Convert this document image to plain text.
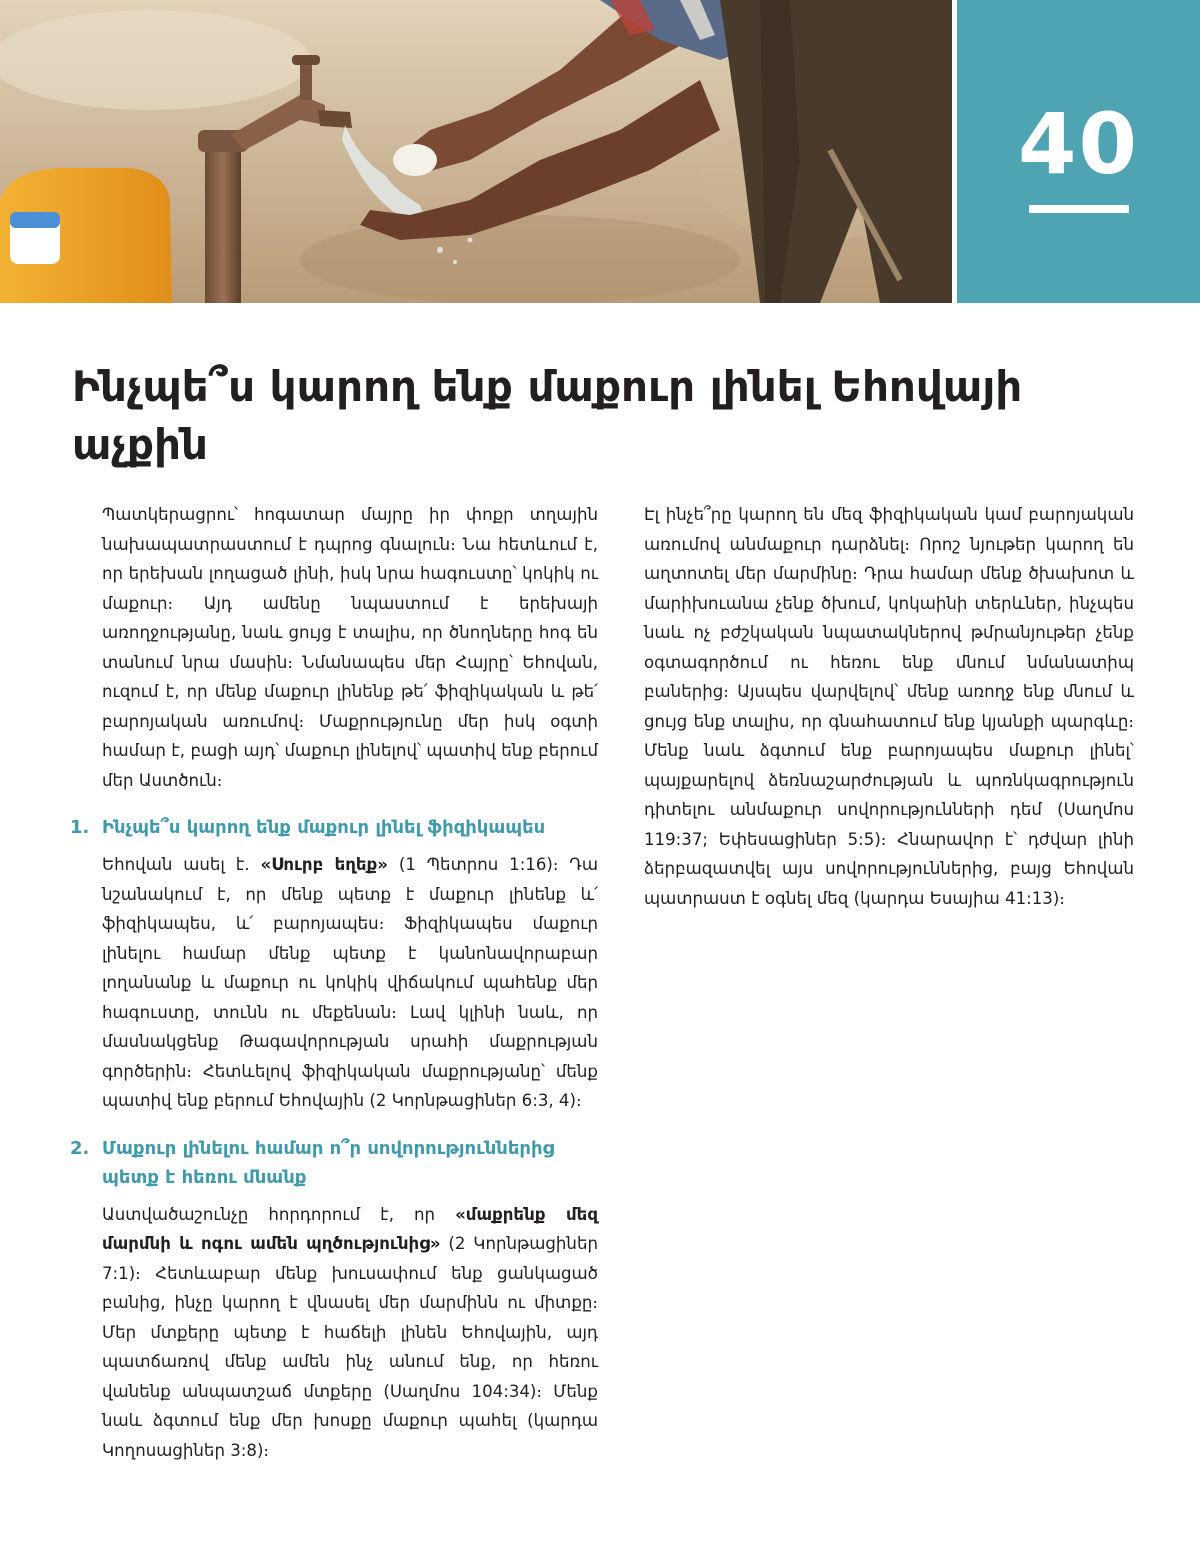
40
Ինչպե՞ս կարող ենք մաքուր լինել Եհովայի աչքին

Պատկերացրու՝ հոգատար մայրը իր փոքր տղային նախապատրաստում է դպրոց գնալուն։ Նա հետևում է, որ երեխան լողացած լինի, իսկ նրա հագուստը՝ կոկիկ ու մաքուր։ Այդ ամենը նպաստում է երեխայի առողջությանը, նաև ցույց է տալիս, որ ծնողները հոգ են տանում նրա մասին։ Նմանապես մեր Հայրը՝ Եհովան, ուզում է, որ մենք մաքուր լինենք թե՛ ֆիզիկական և թե՛ բարոյական առումով։ Մաքրությունը մեր իսկ օգտի համար է, բացի այդ՝ մաքուր լինելով՝ պատիվ ենք բերում մեր Աստծուն։

1. Ինչպե՞ս կարող ենք մաքուր լինել ֆիզիկապես

Եհովան ասել է. «Սուրբ եղեք» (1 Պետրոս 1:16)։ Դա նշանակում է, որ մենք պետք է մաքուր լինենք և՛ ֆիզիկապես, և՛ բարոյապես։ Ֆիզիկապես մաքուր լինելու համար մենք պետք է կանոնավորաբար լողանանք և մաքուր ու կոկիկ վիճակում պահենք մեր հագուստը, տունն ու մեքենան։ Լավ կլինի նաև, որ մասնակցենք Թագավորության սրահի մաքրության գործերին։ Հետևելով ֆիզիկական մաքրությանը՝ մենք պատիվ ենք բերում Եհովային (2 Կորնթացիներ 6:3, 4)։

2. Մաքուր լինելու համար ո՞ր սովորություններից պետք է հեռու մնանք

Աստվածաշունչը հորդորում է, որ «մաքրենք մեզ մարմնի և ոգու ամեն պղծությունից» (2 Կորնթացիներ 7:1)։ Հետևաբար մենք խուսափում ենք ցանկացած բանից, ինչը կարող է վնասել մեր մարմինն ու միտքը։ Մեր մտքերը պետք է հաճելի լինեն Եհովային, այդ պատճառով մենք ամեն ինչ անում ենք, որ հեռու վանենք անպատշաճ մտքերը (Սաղմոս 104:34)։ Մենք նաև ձգտում ենք մեր խոսքը մաքուր պահել (կարդա Կողոսացիներ 3:8)։

Էլ ինչե՞րը կարող են մեզ ֆիզիկական կամ բարոյական առումով անմաքուր դարձնել։ Որոշ նյութեր կարող են աղտոտել մեր մարմինը։ Դրա համար մենք ծխախոտ և մարիխուանա չենք ծխում, կոկաինի տերևներ, ինչպես նաև ոչ բժշկական նպատակներով թմրանյութեր չենք օգտագործում ու հեռու ենք մնում նմանատիպ բաներից։ Այսպես վարվելով՝ մենք առողջ ենք մնում և ցույց ենք տալիս, որ գնահատում ենք կյանքի պարգևը։ Մենք նաև ձգտում ենք բարոյապես մաքուր լինել՝ պայքարելով ձեռնաշարժության և պոռնկագրություն դիտելու անմաքուր սովորությունների դեմ (Սաղմոս 119:37; Եփեսացիներ 5:5)։ Հնարավոր է՝ դժվար լինի ձերբազատվել այս սովորություններից, բայց Եհովան պատրաստ է օգնել մեզ (կարդա Եսայիա 41:13)։
